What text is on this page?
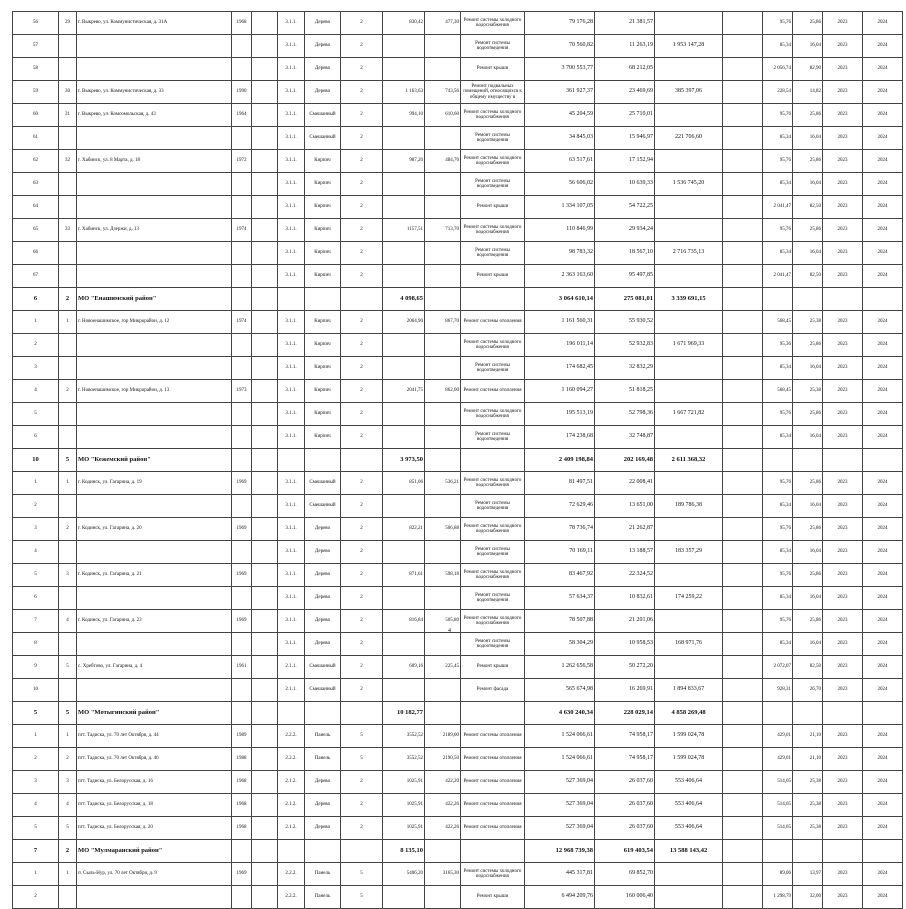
56	29	г. Выкрево, ул. Коммунистическая, д. 31А	1968		3.1.1.	Дерево	2	830,42	477,30	Ремонт системы холодного водоснабжения	79 176,28	21 381,57			95,76	25,86	2023	2024
57					3.1.1.	Дерево	2			Ремонт системы водоотведения	70 560,82	11 263,19	1 953 147,28		85,34	16,04	2023	2024
58					3.1.1.	Дерево	2			Ремонт крыши	3 700 553,77	68 212,05			2 056,74	82,90	2023	2024
59	30	г. Выкрево, ул. Коммунистическая, д. 33	1990		3.1.1.	Дерево	2	1 163,63	743,56	Ремонт подвальных помещений, относящихся к общему имуществу в	361 927,37	23 469,69	385 397,06		228,54	14,82	2023	2024
60	31	г. Выкрево, ул. Комсомольская, д. 43	1964		3.1.1.	Смешанный	2	994,10	610,60	Ремонт системы холодного водоснабжения	45 204,59	25 710,01			95,76	25,86	2023	2024
61					3.1.1.	Смешанный	2			Ремонт системы водоотведения	34 845,03	15 946,97	221 706,60		85,34	16,04	2023	2024
62	32	г. Хабинск, ул. 8 Марта, д. 18	1972		3.1.1.	Кирпич	2	987,20	484,70	Ремонт системы холодного водоснабжения	63 517,61	17 152,94			95,76	25,86	2023	2024
63					3.1.1.	Кирпич	2			Ремонт системы водоотведения	56 606,02	10 639,33	1 536 745,20		85,34	16,04	2023	2024
64					3.1.1.	Кирпич	2			Ремонт крыши	1 334 107,05	54 722,25			2 041,47	82,50	2023	2024
65	33	г. Хабинск, ул. Дзержи, д. 13	1974		3.1.1.	Кирпич	2	1157,51	713,70	Ремонт системы холодного водоснабжения	110 846,99	29 934,24			95,76	25,86	2023	2024
66					3.1.1.	Кирпич	2			Ремонт системы водоотведения	98 783,32	18 567,10	2 716 735,13		85,34	16,04	2023	2024
67					3.1.1.	Кирпич	2			Ремонт крыши	2 363 163,60	95 497,85			2 041,47	82,50	2023	2024
6	2	МО "Енашимский район"						4 098,65			3 064 610,14	275 081,01	3 339 691,15					
1	1	г. Новоенашимское, гор Микрорайон, д. 12	1974		3.1.1.	Кирпич	2	2064,90	867,70	Ремонт системы отопления	1 161 560,31	55 930,52			568,45	25,38	2023	2024
2					3.1.1.	Кирпич	2			Ремонт системы холодного водоснабжения	196 011,14	52 932,83	1 671 969,33		95,36	25,86	2023	2024
3					3.1.1.	Кирпич	2			Ремонт системы водоотведения	174 682,45	32 832,29			85,34	16,04	2023	2024
4	2	г. Новоенашимское, гор Микрорайон, д. 13	1973		3.1.1.	Кирпич	2	2041,75	862,00	Ремонт системы отопления	1 160 094,27	51 818,25			568,45	25,38	2023	2024
5					3.1.1.	Кирпич	2			Ремонт системы холодного водоснабжения	195 513,19	52 798,36	1 667 721,82		95,76	25,86	2023	2024
6					3.1.1.	Кирпич	2			Ремонт системы водоотведения	174 238,68	32 748,87			85,34	16,04	2023	2024
10	5	МО "Кежемский район"						3 973,50			2 409 198,84	202 169,48	2 611 368,32					
1	1	г. Кодинск, ул. Гагарина, д. 19	1969		3.1.1.	Смешанный	2	851,06	536,21	Ремонт системы холодного водоснабжения	81 497,51	22 008,41			95,76	25,86	2023	2024
2					3.1.1.	Смешанный	2			Ремонт системы водоотведения	72 629,46	13 651,00	189 786,38		85,34	16,04	2023	2024
3	2	г. Кодинск, ул. Гагарина, д. 20	1969		3.1.1.	Дерево	2	822,21	506,88	Ремонт системы холодного водоснабжения	78 736,74	21 262,87			95,76	25,86	2023	2024
4					3.1.1.	Дерево	2			Ремонт системы водоотведения	70 169,11	13 188,57	183 357,29		85,34	16,04	2023	2024
5	3	г. Кодинск, ул. Гагарина, д. 21	1969		3.1.1.	Дерево	2	871,61	598,18	Ремонт системы холодного водоснабжения	83 467,92	22 324,52			95,76	25,86	2023	2024
6					3.1.1.	Дерево	2			Ремонт системы водоотведения	57 634,37	10 832,61	174 259,22		85,34	16,04	2023	2024
7	4	г. Кодинск, ул. Гагарина, д. 23	1969		3.1.1.	Дерево	2	816,84	505,80	Ремонт системы холодного водоснабжения	78 507,88	21 201,06			95,76	25,86	2023	2024
8					3.1.1.	Дерево	2			Ремонт системы водоотведения	58 304,29	10 958,53	168 971,76		85,34	16,04	2023	2024
9	5	с. Хребтово, ул. Гагарина, д. 4	1961		2.1.1.	Смешанный	2	609,16	225,45	Ремонт крыши	1 262 656,58	50 272,20			2 072,07	82,50	2023	2024
10					2.1.1.	Смешанный	2			Ремонт фасада	565 674,98	16 269,91	1 894 833,67		928,31	26,70	2023	2024
5	5	МО "Мотыгинский район"						10 182,77			4 630 240,34	228 029,14	4 858 269,48					
1	1	пгт. Тадиска, ул. 70 лет Октября, д. 44	1989		2.2.2.	Панель	5	3552,52	2189,00	Ремонт системы отопления	1 524 066,61	74 958,17	1 599 024,78		429,01	21,10	2023	2024
2	2	пгт. Тадиска, ул. 70 лет Октября, д. 46	1988		2.2.2.	Панель	5	3552,52	2190,50	Ремонт системы отопления	1 524 066,61	74 958,17	1 599 024,78		429,01	21,10	2023	2024
3	3	пгт. Тадиска, ул. Белорусская, д. 16	1968		2.1.2.	Дерево	2	1025,91	422,20	Ремонт системы отопления	527 369,04	26 037,60	553 406,64		514,05	25,38	2023	2024
4	4	пгт. Тадиска, ул. Белорусская, д. 18	1968		2.1.2.	Дерево	2	1025,91	422,26	Ремонт системы отопления	527 369,04	26 037,60	553 406,64		514,05	25,38	2023	2024
5	5	пгт. Тадиска, ул. Белорусская, д. 20	1968		2.1.2.	Дерево	2	1025,91	422,26	Ремонт системы отопления	527 369,04	26 037,60	553 406,64		514,05	25,38	2023	2024
7	2	МО "Мулмаранский район"						8 135,10			12 968 739,38	619 403,54	13 588 143,42					
1	1	п. Сыль-Нур, ул. 70 лет Октября, д. 9	1969		2.2.2.	Панель	5	5406,20	3165,30	Ремонт системы холодного водоснабжения	445 317,81	69 852,70			89,06	13,97	2023	2024
2					2.2.2.	Панель	5			Ремонт крыши	6 494 209,76	160 006,40			1 298,79	32,00	2023	2024
4
